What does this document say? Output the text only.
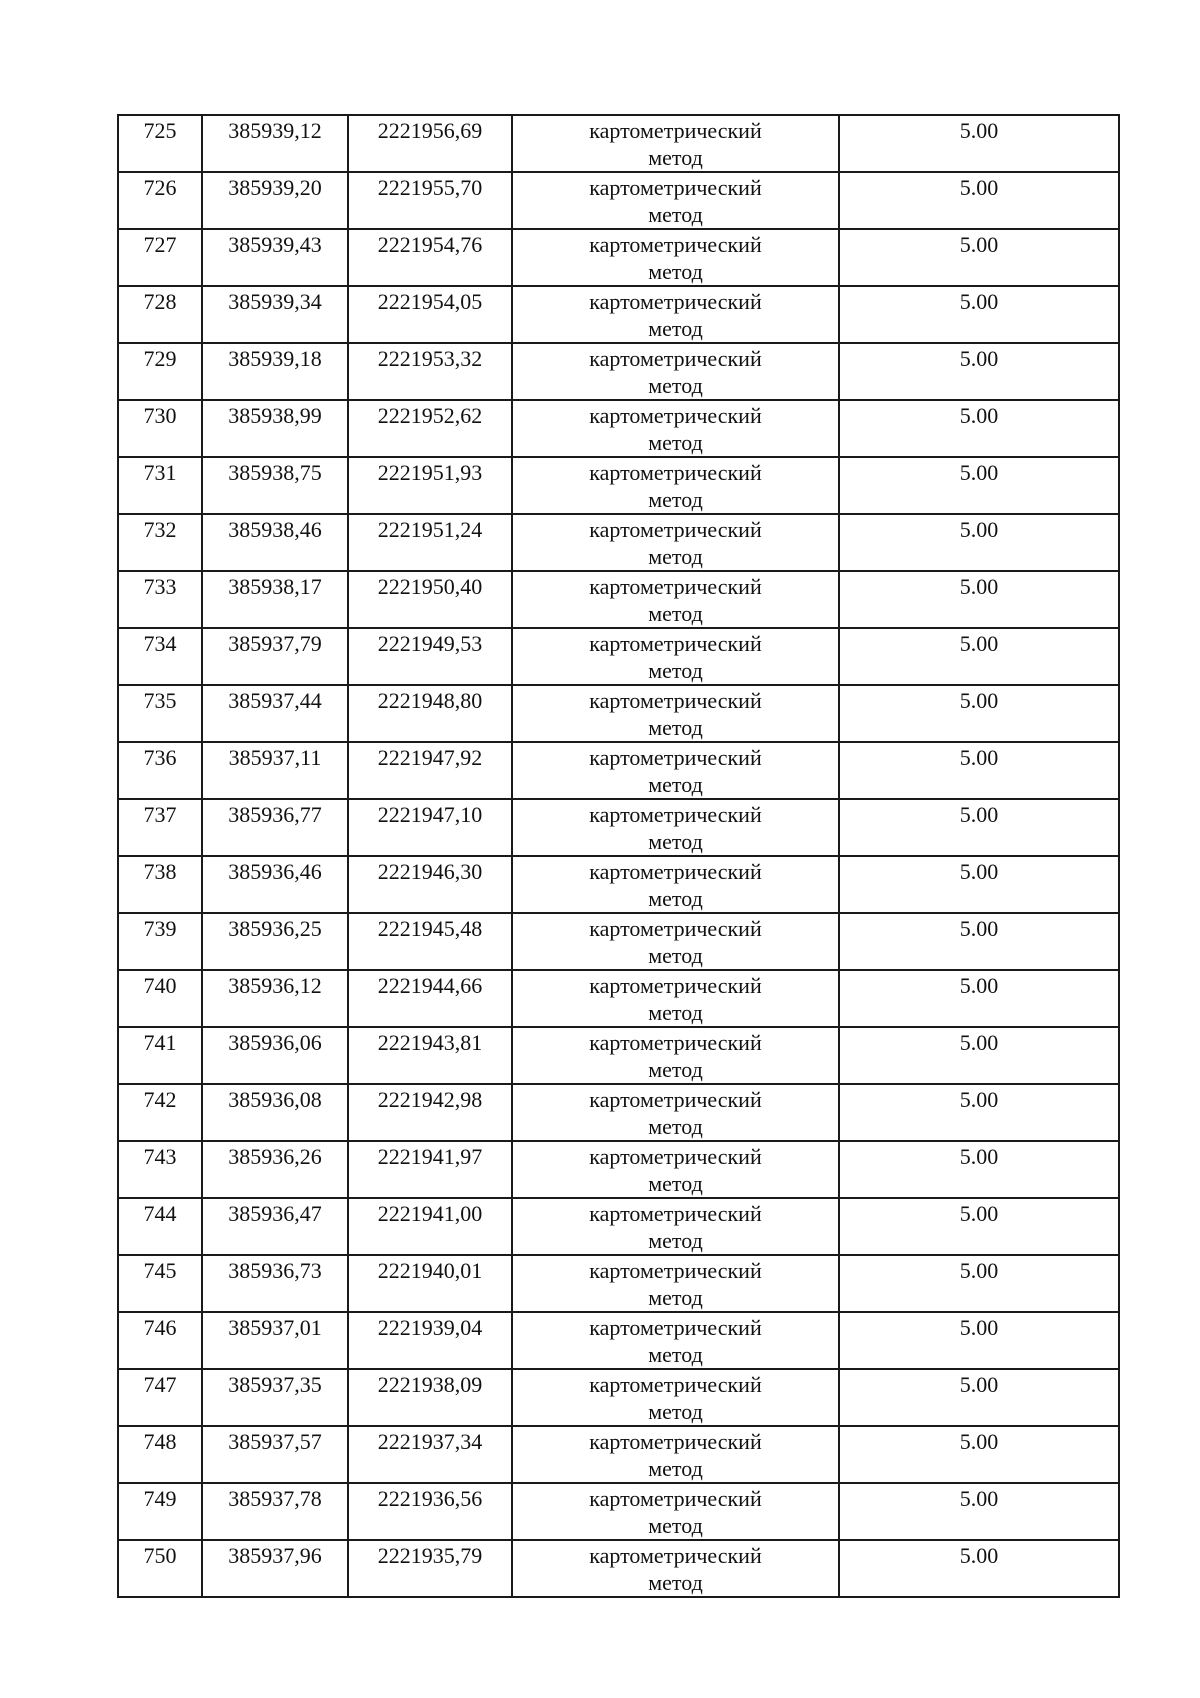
725	385939,12	2221956,69	картометрический
метод	5.00

726	385939,20	2221955,70	картометрический
метод	5.00

727	385939,43	2221954,76	картометрический
метод	5.00

728	385939,34	2221954,05	картометрический
метод	5.00

729	385939,18	2221953,32	картометрический
метод	5.00

730	385938,99	2221952,62	картометрический
метод	5.00

731	385938,75	2221951,93	картометрический
метод	5.00

732	385938,46	2221951,24	картометрический
метод	5.00

733	385938,17	2221950,40	картометрический
метод	5.00

734	385937,79	2221949,53	картометрический
метод	5.00

735	385937,44	2221948,80	картометрический
метод	5.00

736	385937,11	2221947,92	картометрический
метод	5.00

737	385936,77	2221947,10	картометрический
метод	5.00

738	385936,46	2221946,30	картометрический
метод	5.00

739	385936,25	2221945,48	картометрический
метод	5.00

740	385936,12	2221944,66	картометрический
метод	5.00

741	385936,06	2221943,81	картометрический
метод	5.00

742	385936,08	2221942,98	картометрический
метод	5.00

743	385936,26	2221941,97	картометрический
метод	5.00

744	385936,47	2221941,00	картометрический
метод	5.00

745	385936,73	2221940,01	картометрический
метод	5.00

746	385937,01	2221939,04	картометрический
метод	5.00

747	385937,35	2221938,09	картометрический
метод	5.00

748	385937,57	2221937,34	картометрический
метод	5.00

749	385937,78	2221936,56	картометрический
метод	5.00

750	385937,96	2221935,79	картометрический
метод	5.00
